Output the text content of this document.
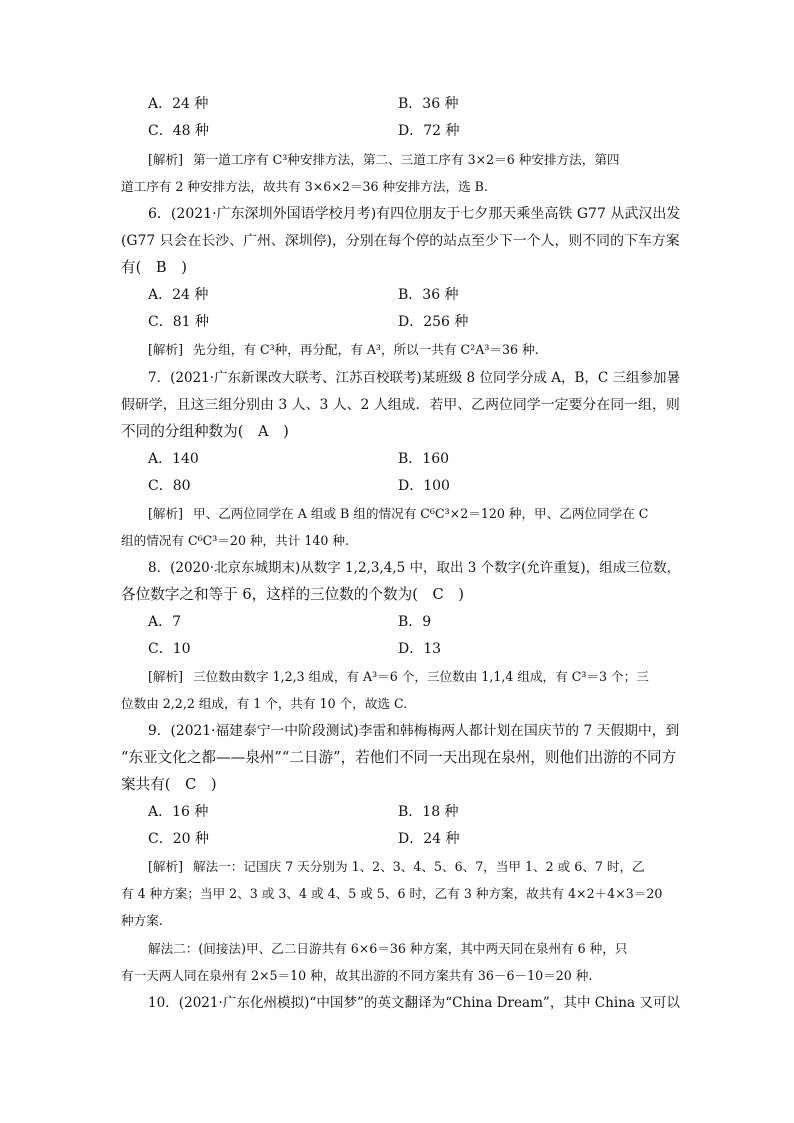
A．24 种	B．36 种
C．48 种	D．72 种
[解析] 第一道工序有 C³种安排方法，第二、三道工序有 3×2＝6 种安排方法，第四
道工序有 2 种安排方法，故共有 3×6×2＝36 种安排方法，选 B.
6．(2021·广东深圳外国语学校月考)有四位朋友于七夕那天乘坐高铁 G77 从武汉出发
(G77 只会在长沙、广州、深圳停)，分别在每个停的站点至少下一个人，则不同的下车方案
有(　B　)
A．24 种	B．36 种
C．81 种	D．256 种
[解析] 先分组，有 C³种，再分配，有 A³，所以一共有 C²A³＝36 种.
7．(2021·广东新课改大联考、江苏百校联考)某班级 8 位同学分成 A，B，C 三组参加暑
假研学，且这三组分别由 3 人、3 人、2 人组成．若甲、乙两位同学一定要分在同一组，则
不同的分组种数为(　A　)
A．140	B．160
C．80	D．100
[解析] 甲、乙两位同学在 A 组或 B 组的情况有 C⁶C³×2＝120 种，甲、乙两位同学在 C
组的情况有 C⁶C³＝20 种，共计 140 种.
8．(2020·北京东城期末)从数字 1,2,3,4,5 中，取出 3 个数字(允许重复)，组成三位数，
各位数字之和等于 6，这样的三位数的个数为(　C　)
A．7	B．9
C．10	D．13
[解析] 三位数由数字 1,2,3 组成，有 A³＝6 个，三位数由 1,1,4 组成，有 C³＝3 个；三
位数由 2,2,2 组成，有 1 个，共有 10 个，故选 C.
9．(2021·福建泰宁一中阶段测试)李雷和韩梅梅两人都计划在国庆节的 7 天假期中，到
“东亚文化之都——泉州”“二日游”，若他们不同一天出现在泉州，则他们出游的不同方
案共有(　C　)
A．16 种	B．18 种
C．20 种	D．24 种
[解析] 解法一：记国庆 7 天分别为 1、2、3、4、5、6、7，当甲 1、2 或 6、7 时，乙
有 4 种方案；当甲 2、3 或 3、4 或 4、5 或 5、6 时，乙有 3 种方案，故共有 4×2＋4×3＝20
种方案.
解法二：(间接法)甲、乙二日游共有 6×6＝36 种方案，其中两天同在泉州有 6 种，只
有一天两人同在泉州有 2×5＝10 种，故其出游的不同方案共有 36－6－10＝20 种.
10．(2021·广东化州模拟)“中国梦”的英文翻译为“China Dream”，其中 China 又可以
